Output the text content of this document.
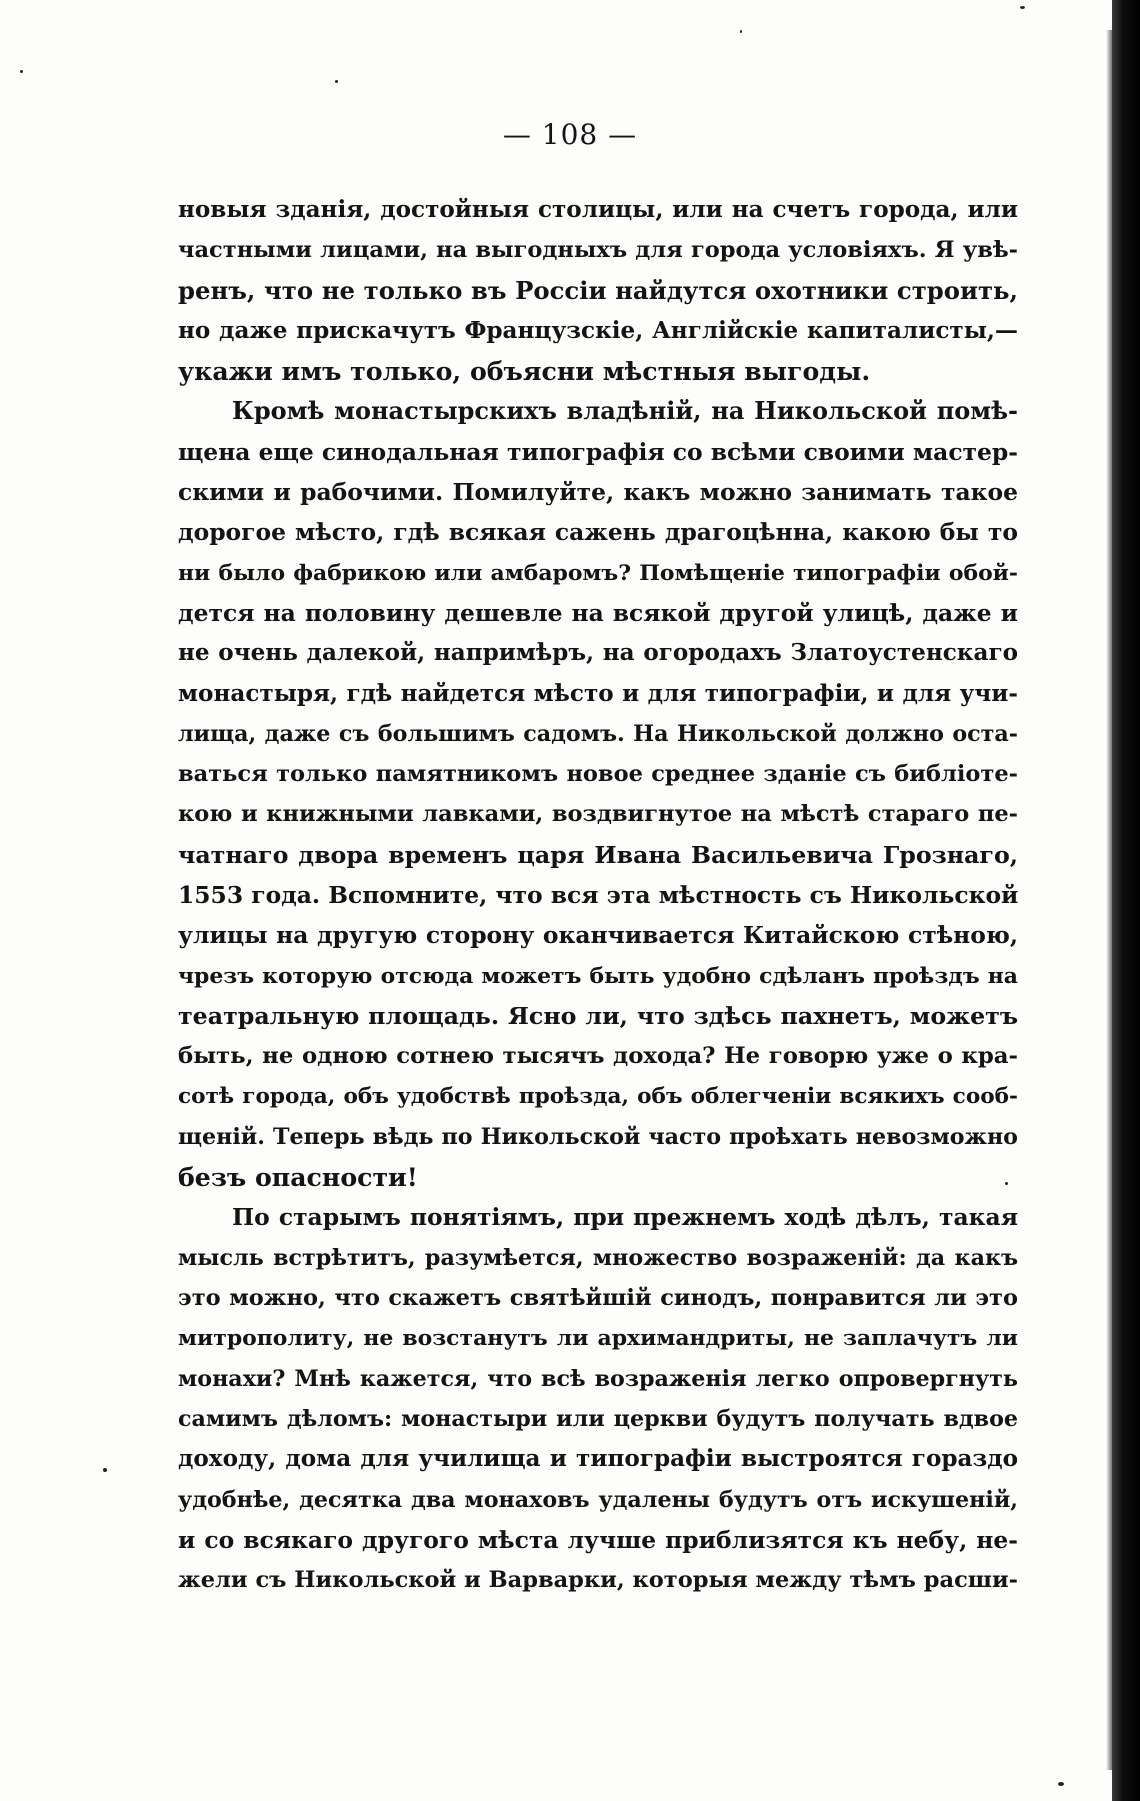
— 108 —
новыя зданія, достойныя столицы, или на счетъ города, или
частными лицами, на выгодныхъ для города условіяхъ. Я увѣ-
ренъ, что не только въ Россіи найдутся охотники строить,
но даже прискачутъ Французскіе, Англійскіе капиталисты,—
укажи имъ только, объясни мѣстныя выгоды.
Кромѣ монастырскихъ владѣній, на Никольской помѣ-
щена еще синодальная типографія со всѣми своими мастер-
скими и рабочими. Помилуйте, какъ можно занимать такое
дорогое мѣсто, гдѣ всякая сажень драгоцѣнна, какою бы то
ни было фабрикою или амбаромъ? Помѣщеніе типографіи обой-
дется на половину дешевле на всякой другой улицѣ, даже и
не очень далекой, напримѣръ, на огородахъ Златоустенскаго
монастыря, гдѣ найдется мѣсто и для типографіи, и для учи-
лища, даже съ большимъ садомъ. На Никольской должно оста-
ваться только памятникомъ новое среднее зданіе съ библіоте-
кою и книжными лавками, воздвигнутое на мѣстѣ стараго пе-
чатнаго двора временъ царя Ивана Васильевича Грознаго,
1553 года. Вспомните, что вся эта мѣстность съ Никольской
улицы на другую сторону оканчивается Китайскою стѣною,
чрезъ которую отсюда можетъ быть удобно сдѣланъ проѣздъ на
театральную площадь. Ясно ли, что здѣсь пахнетъ, можетъ
быть, не одною сотнею тысячъ дохода? Не говорю уже о кра-
сотѣ города, объ удобствѣ проѣзда, объ облегченіи всякихъ сооб-
щеній. Теперь вѣдь по Никольской часто проѣхать невозможно
безъ опасности!
По старымъ понятіямъ, при прежнемъ ходѣ дѣлъ, такая
мысль встрѣтитъ, разумѣется, множество возраженій: да какъ
это можно, что скажетъ святѣйшій синодъ, понравится ли это
митрополиту, не возстанутъ ли архимандриты, не заплачутъ ли
монахи? Мнѣ кажется, что всѣ возраженія легко опровергнуть
самимъ дѣломъ: монастыри или церкви будутъ получать вдвое
доходу, дома для училища и типографіи выстроятся гораздо
удобнѣе, десятка два монаховъ удалены будутъ отъ искушеній,
и со всякаго другого мѣста лучше приблизятся къ небу, не-
жели съ Никольской и Варварки, которыя между тѣмъ расши-
